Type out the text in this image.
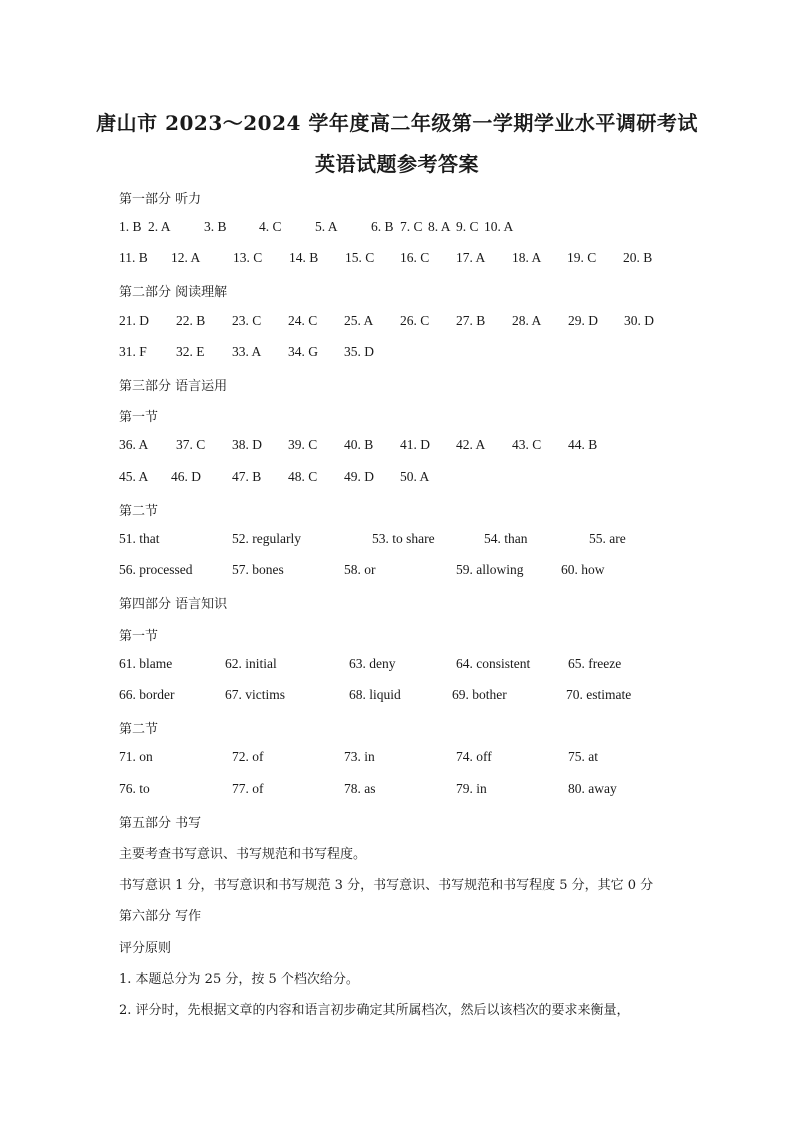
唐山市 2023～2024 学年度高二年级第一学期学业水平调研考试
英语试题参考答案
第一部分 听力
1. B 2. A 3. B 4. C 5. A 6. B 7. C 8. A 9. C 10. A
11. B 12. A 13. C 14. B 15. C 16. C 17. A 18. A 19. C 20. B
第二部分 阅读理解
21. D 22. B 23. C 24. C 25. A 26. C 27. B 28. A 29. D 30. D
31. F 32. E 33. A 34. G 35. D
第三部分 语言运用
第一节
36. A 37. C 38. D 39. C 40. B 41. D 42. A 43. C 44. B
45. A 46. D 47. B 48. C 49. D 50. A
第二节
51. that	52. regularly	53. to share	54. than	55. are
56. processed	57. bones	58. or	59. allowing	60. how
第四部分 语言知识
第一节
61. blame	62. initial	63. deny	64. consistent	65. freeze
66. border	67. victims	68. liquid	69. bother	70. estimate
第二节
71. on	72. of	73. in	74. off	75. at
76. to	77. of	78. as	79. in	80. away
第五部分 书写
主要考查书写意识、书写规范和书写程度。
书写意识 1 分，书写意识和书写规范 3 分，书写意识、书写规范和书写程度 5 分，其它 0 分
第六部分 写作
评分原则
1. 本题总分为 25 分，按 5 个档次给分。
2. 评分时，先根据文章的内容和语言初步确定其所属档次，然后以该档次的要求来衡量，
